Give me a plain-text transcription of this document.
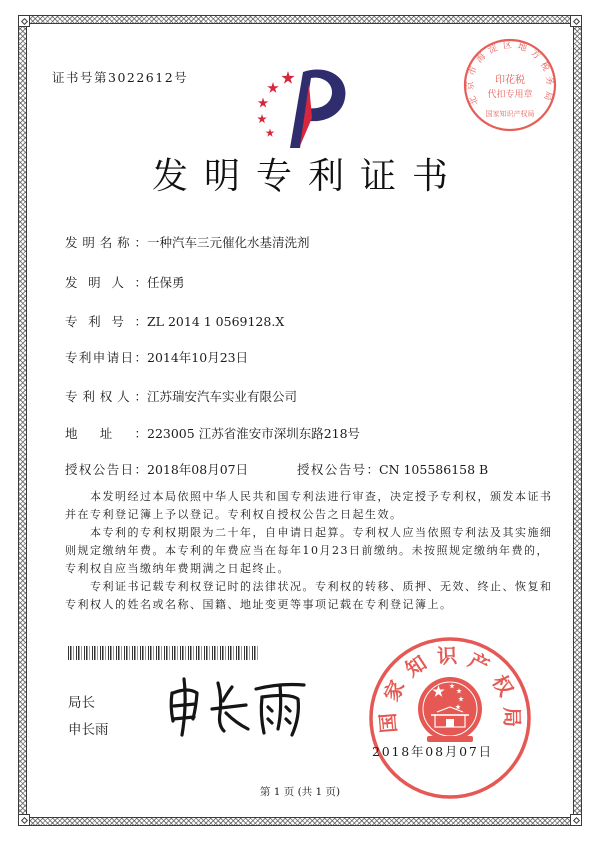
证书号第3022612号
北京市海淀区地方税务局
印花税
代扣专用章
国家知识产权局
发明专利证书
发明名称：一种汽车三元催化水基清洗剂
发明人：任保勇
专利号：ZL 2014 1 0569128.X
专利申请日：2014年10月23日
专利权人：江苏瑞安汽车实业有限公司
地址：223005 江苏省淮安市深圳东路218号
授权公告日：2018年08月07日	授权公告号：CN 105586158 B
本发明经过本局依照中华人民共和国专利法进行审查，决定授予专利权，颁发本证书
并在专利登记簿上予以登记。专利权自授权公告之日起生效。
本专利的专利权期限为二十年，自申请日起算。专利权人应当依照专利法及其实施细
则规定缴纳年费。本专利的年费应当在每年10月23日前缴纳。未按照规定缴纳年费的，
专利权自应当缴纳年费期满之日起终止。
专利证书记载专利权登记时的法律状况。专利权的转移、质押、无效、终止、恢复和
专利权人的姓名或名称、国籍、地址变更等事项记载在专利登记簿上。
局长
申长雨	国家知识产权局
2018年08月07日
第 1 页 (共 1 页)
